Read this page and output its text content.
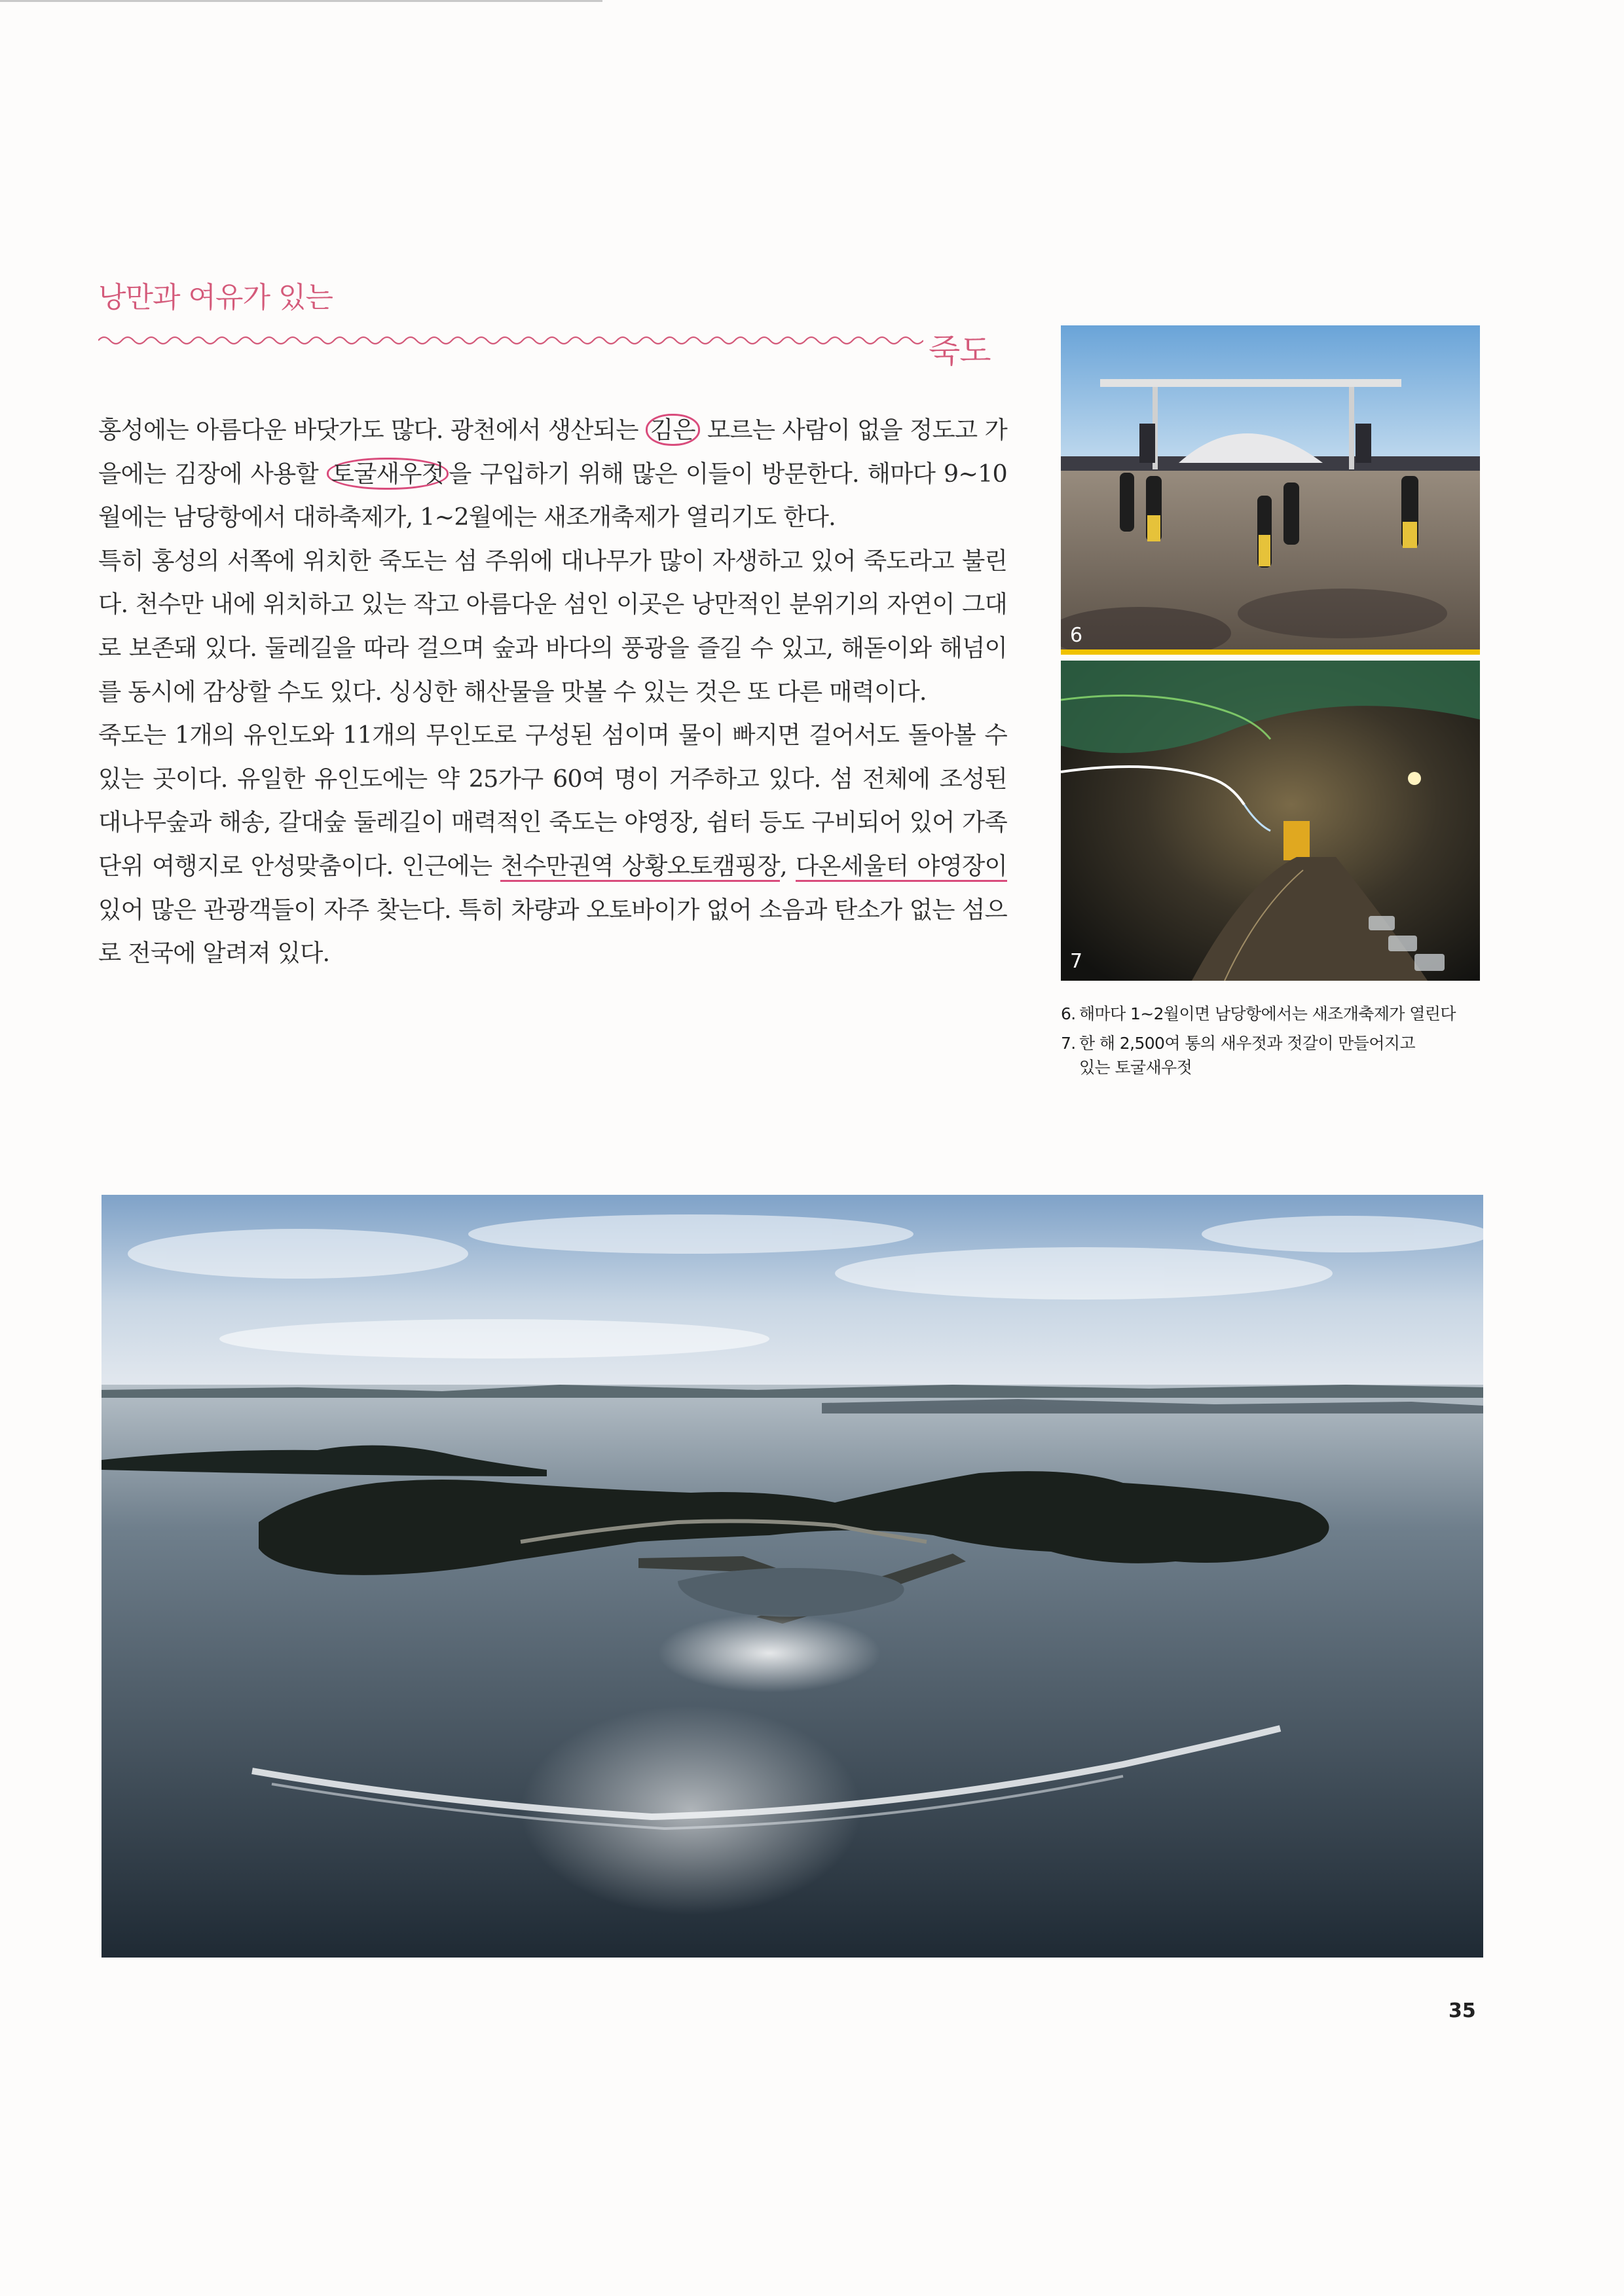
낭만과 여유가 있는
죽도

홍성에는 아름다운 바닷가도 많다. 광천에서 생산되는 김은 모르는 사람이 없을 정도고 가을에는 김장에 사용할 토굴새우젓 을 구입하기 위해 많은 이들이 방문한다. 해마다 9~10월에는 남당항에서 대하축제가, 1~2월에는 새조개축제가 열리기도 한다.

특히 홍성의 서쪽에 위치한 죽도는 섬 주위에 대나무가 많이 자생하고 있어 죽도라고 불린다. 천수만 내에 위치하고 있는 작고 아름다운 섬인 이곳은 낭만적인 분위기의 자연이 그대로 보존돼 있다. 둘레길을 따라 걸으며 숲과 바다의 풍광을 즐길 수 있고, 해돋이와 해넘이를 동시에 감상할 수도 있다. 싱싱한 해산물을 맛볼 수 있는 것은 또 다른 매력이다.

죽도는 1개의 유인도와 11개의 무인도로 구성된 섬이며 물이 빠지면 걸어서도 돌아볼 수 있는 곳이다. 유일한 유인도에는 약 25가구 60여 명이 거주하고 있다. 섬 전체에 조성된 대나무숲과 해송, 갈대숲 둘레길이 매력적인 죽도는 야영장, 쉼터 등도 구비되어 있어 가족 단위 여행지로 안성맞춤이다. 인근에는 천수만권역 상황오토캠핑장, 다온세울터 야영장이 있어 많은 관광객들이 자주 찾는다. 특히 차량과 오토바이가 없어 소음과 탄소가 없는 섬으로 전국에 알려져 있다.

6
7
6. 해마다 1~2월이면 남당항에서는 새조개축제가 열린다
7. 한 해 2,500여 통의 새우젓과 젓갈이 만들어지고
있는 토굴새우젓
35
